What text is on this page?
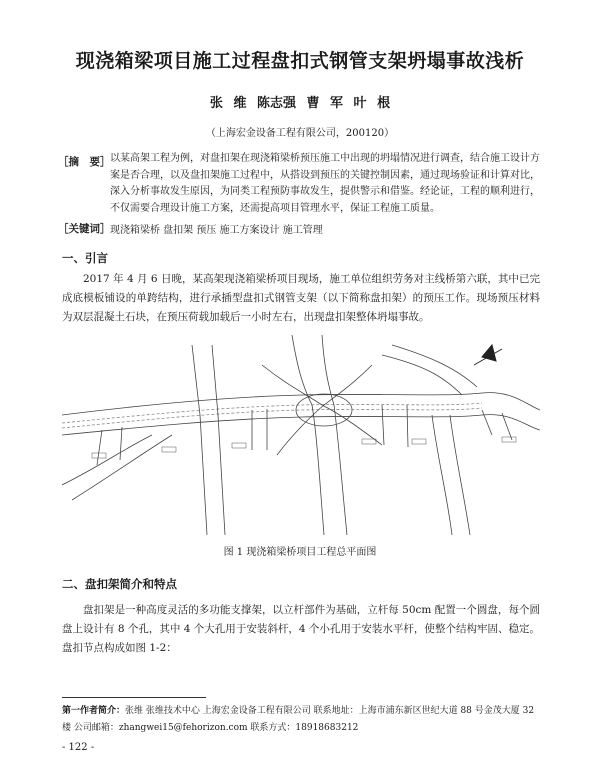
现浇箱梁项目施工过程盘扣式钢管支架坍塌事故浅析
张 维 陈志强 曹 军 叶 根
（上海宏金设备工程有限公司，200120）
［摘　要］ 以某高架工程为例，对盘扣架在现浇箱梁桥预压施工中出现的坍塌情况进行调查，结合施工设计方案是否合理，以及盘扣架施工过程中，从搭设到预压的关键控制因素，通过现场验证和计算对比，深入分析事故发生原因，为同类工程预防事故发生，提供警示和借鉴。经论证，工程的顺利进行，不仅需要合理设计施工方案，还需提高项目管理水平，保证工程施工质量。
［关键词］ 现浇箱梁桥 盘扣架 预压 施工方案设计 施工管理
一、引言
2017 年 4 月 6 日晚，某高架现浇箱梁桥项目现场，施工单位组织劳务对主线桥第六联，其中已完成底模板铺设的单跨结构，进行承插型盘扣式钢管支架（以下简称盘扣架）的预压工作。现场预压材料为双层混凝土石块，在预压荷载加载后一小时左右，出现盘扣架整体坍塌事故。
图 1 现浇箱梁桥项目工程总平面图
二、盘扣架简介和特点
盘扣架是一种高度灵活的多功能支撑架，以立杆部件为基础，立杆每 50cm 配置一个圆盘，每个圆盘上设计有 8 个孔，其中 4 个大孔用于安装斜杆，4 个小孔用于安装水平杆，使整个结构牢固、稳定。盘扣节点构成如图 1-2：
第一作者简介：张维 张维技术中心 上海宏金设备工程有限公司 联系地址：上海市浦东新区世纪大道 88 号金茂大厦 32 楼 公司邮箱：zhangwei15@fehorizon.com 联系方式：18918683212
- 122 -
